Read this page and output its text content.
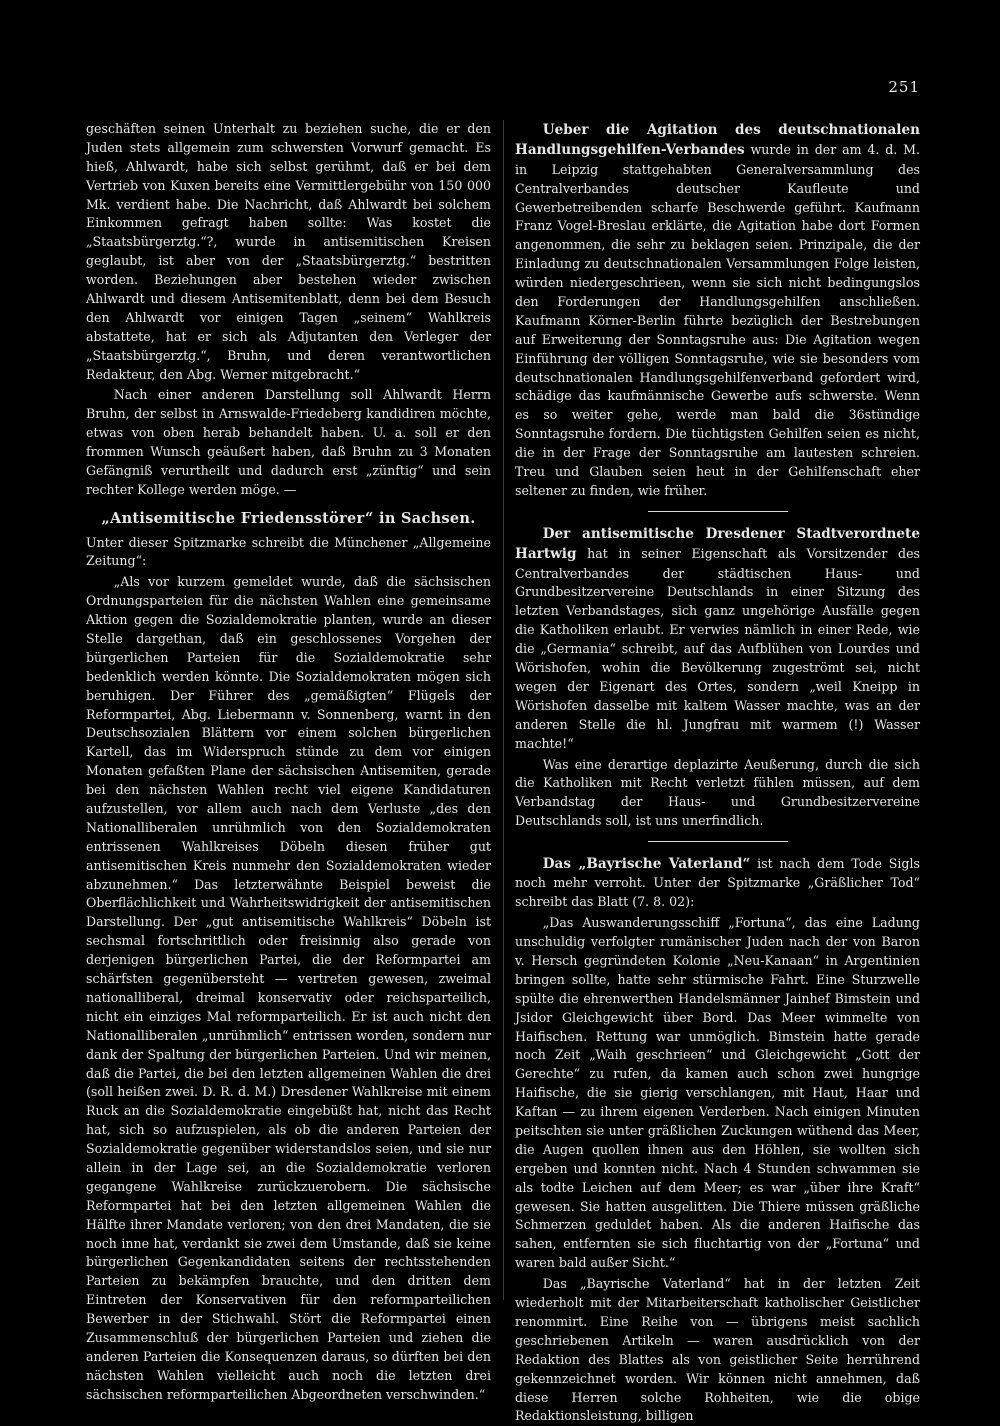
251

geschäften seinen Unterhalt zu beziehen suche, die er den Juden stets allgemein zum schwersten Vorwurf gemacht. Es hieß, Ahlwardt, habe sich selbst gerühmt, daß er bei dem Vertrieb von Kuxen bereits eine Vermittlergebühr von 150 000 Mk. verdient habe. Die Nachricht, daß Ahlwardt bei solchem Einkommen gefragt haben sollte: Was kostet die „Staatsbürgerztg.“?, wurde in antisemitischen Kreisen geglaubt, ist aber von der „Staatsbürgerztg.“ bestritten worden. Beziehungen aber bestehen wieder zwischen Ahlwardt und diesem Antisemitenblatt, denn bei dem Besuch den Ahlwardt vor einigen Tagen „seinem“ Wahlkreis abstattete, hat er sich als Adjutanten den Verleger der „Staatsbürgerztg.“, Bruhn, und deren verantwortlichen Redakteur, den Abg. Werner mitgebracht.“

Nach einer anderen Darstellung soll Ahlwardt Herrn Bruhn, der selbst in Arnswalde-Friedeberg kandidiren möchte, etwas von oben herab behandelt haben. U. a. soll er den frommen Wunsch geäußert haben, daß Bruhn zu 3 Monaten Gefängniß verurtheilt und dadurch erst „zünftig“ und sein rechter Kollege werden möge. —

„Antisemitische Friedensstörer“ in Sachsen.

Unter dieser Spitzmarke schreibt die Münchener „Allgemeine Zeitung“:

„Als vor kurzem gemeldet wurde, daß die sächsischen Ordnungsparteien für die nächsten Wahlen eine gemeinsame Aktion gegen die Sozialdemokratie planten, wurde an dieser Stelle dargethan, daß ein geschlossenes Vorgehen der bürgerlichen Parteien für die Sozialdemokratie sehr bedenklich werden könnte. Die Sozialdemokraten mögen sich beruhigen. Der Führer des „gemäßigten“ Flügels der Reformpartei, Abg. Liebermann v. Sonnenberg, warnt in den Deutschsozialen Blättern vor einem solchen bürgerlichen Kartell, das im Widerspruch stünde zu dem vor einigen Monaten gefaßten Plane der sächsischen Antisemiten, gerade bei den nächsten Wahlen recht viel eigene Kandidaturen aufzustellen, vor allem auch nach dem Verluste „des den Nationalliberalen unrühmlich von den Sozialdemokraten entrissenen Wahlkreises Döbeln diesen früher gut antisemitischen Kreis nunmehr den Sozialdemokraten wieder abzunehmen.“ Das letzterwähnte Beispiel beweist die Oberflächlichkeit und Wahrheitswidrigkeit der antisemitischen Darstellung. Der „gut antisemitische Wahlkreis“ Döbeln ist sechsmal fortschrittlich oder freisinnig also gerade von derjenigen bürgerlichen Partei, die der Reformpartei am schärfsten gegenübersteht — vertreten gewesen, zweimal nationalliberal, dreimal konservativ oder reichsparteilich, nicht ein einziges Mal reformparteilich. Er ist auch nicht den Nationalliberalen „unrühmlich“ entrissen worden, sondern nur dank der Spaltung der bürgerlichen Parteien. Und wir meinen, daß die Partei, die bei den letzten allgemeinen Wahlen die drei (soll heißen zwei. D. R. d. M.) Dresdener Wahlkreise mit einem Ruck an die Sozialdemokratie eingebüßt hat, nicht das Recht hat, sich so aufzuspielen, als ob die anderen Parteien der Sozialdemokratie gegenüber widerstandslos seien, und sie nur allein in der Lage sei, an die Sozialdemokratie verloren gegangene Wahlkreise zurückzuerobern. Die sächsische Reformpartei hat bei den letzten allgemeinen Wahlen die Hälfte ihrer Mandate verloren; von den drei Mandaten, die sie noch inne hat, verdankt sie zwei dem Umstande, daß sie keine bürgerlichen Gegenkandidaten seitens der rechtsstehenden Parteien zu bekämpfen brauchte, und den dritten dem Eintreten der Konservativen für den reformparteilichen Bewerber in der Stichwahl. Stört die Reformpartei einen Zusammenschluß der bürgerlichen Parteien und ziehen die anderen Parteien die Konsequenzen daraus, so dürften bei den nächsten Wahlen vielleicht auch noch die letzten drei sächsischen reformparteilichen Abgeordneten verschwinden.“

Ueber die Agitation des deutschnationalen Handlungsgehilfen-Verbandes wurde in der am 4. d. M. in Leipzig stattgehabten Generalversammlung des Centralverbandes deutscher Kaufleute und Gewerbetreibenden scharfe Beschwerde geführt. Kaufmann Franz Vogel-Breslau erklärte, die Agitation habe dort Formen angenommen, die sehr zu beklagen seien. Prinzipale, die der Einladung zu deutschnationalen Versammlungen Folge leisten, würden niedergeschrieen, wenn sie sich nicht bedingungslos den Forderungen der Handlungsgehilfen anschließen. Kaufmann Körner-Berlin führte bezüglich der Bestrebungen auf Erweiterung der Sonntagsruhe aus: Die Agitation wegen Einführung der völligen Sonntagsruhe, wie sie besonders vom deutschnationalen Handlungsgehilfenverband gefordert wird, schädige das kaufmännische Gewerbe aufs schwerste. Wenn es so weiter gehe, werde man bald die 36stündige Sonntagsruhe fordern. Die tüchtigsten Gehilfen seien es nicht, die in der Frage der Sonntagsruhe am lautesten schreien. Treu und Glauben seien heut in der Gehilfenschaft eher seltener zu finden, wie früher.

Der antisemitische Dresdener Stadtverordnete Hartwig hat in seiner Eigenschaft als Vorsitzender des Centralverbandes der städtischen Haus- und Grundbesitzervereine Deutschlands in einer Sitzung des letzten Verbandstages, sich ganz ungehörige Ausfälle gegen die Katholiken erlaubt. Er verwies nämlich in einer Rede, wie die „Germania“ schreibt, auf das Aufblühen von Lourdes und Wörishofen, wohin die Bevölkerung zugeströmt sei, nicht wegen der Eigenart des Ortes, sondern „weil Kneipp in Wörishofen dasselbe mit kaltem Wasser machte, was an der anderen Stelle die hl. Jungfrau mit warmem (!) Wasser machte!“

Was eine derartige deplazirte Aeußerung, durch die sich die Katholiken mit Recht verletzt fühlen müssen, auf dem Verbandstag der Haus- und Grundbesitzervereine Deutschlands soll, ist uns unerfindlich.

Das „Bayrische Vaterland“ ist nach dem Tode Sigls noch mehr verroht. Unter der Spitzmarke „Gräßlicher Tod“ schreibt das Blatt (7. 8. 02):

„Das Auswanderungsschiff „Fortuna“, das eine Ladung unschuldig verfolgter rumänischer Juden nach der von Baron v. Hersch gegründeten Kolonie „Neu-Kanaan“ in Argentinien bringen sollte, hatte sehr stürmische Fahrt. Eine Sturzwelle spülte die ehrenwerthen Handelsmänner Jainhef Bimstein und Jsidor Gleichgewicht über Bord. Das Meer wimmelte von Haifischen. Rettung war unmöglich. Bimstein hatte gerade noch Zeit „Waih geschrieen“ und Gleichgewicht „Gott der Gerechte“ zu rufen, da kamen auch schon zwei hungrige Haifische, die sie gierig verschlangen, mit Haut, Haar und Kaftan — zu ihrem eigenen Verderben. Nach einigen Minuten peitschten sie unter gräßlichen Zuckungen wüthend das Meer, die Augen quollen ihnen aus den Höhlen, sie wollten sich ergeben und konnten nicht. Nach 4 Stunden schwammen sie als todte Leichen auf dem Meer; es war „über ihre Kraft“ gewesen. Sie hatten ausgelitten. Die Thiere müssen gräßliche Schmerzen geduldet haben. Als die anderen Haifische das sahen, entfernten sie sich fluchtartig von der „Fortuna“ und waren bald außer Sicht.“

Das „Bayrische Vaterland“ hat in der letzten Zeit wiederholt mit der Mitarbeiterschaft katholischer Geistlicher renommirt. Eine Reihe von — übrigens meist sachlich geschriebenen Artikeln — waren ausdrücklich von der Redaktion des Blattes als von geistlicher Seite herrührend gekennzeichnet worden. Wir können nicht annehmen, daß diese Herren solche Rohheiten, wie die obige Redaktionsleistung, billigen
